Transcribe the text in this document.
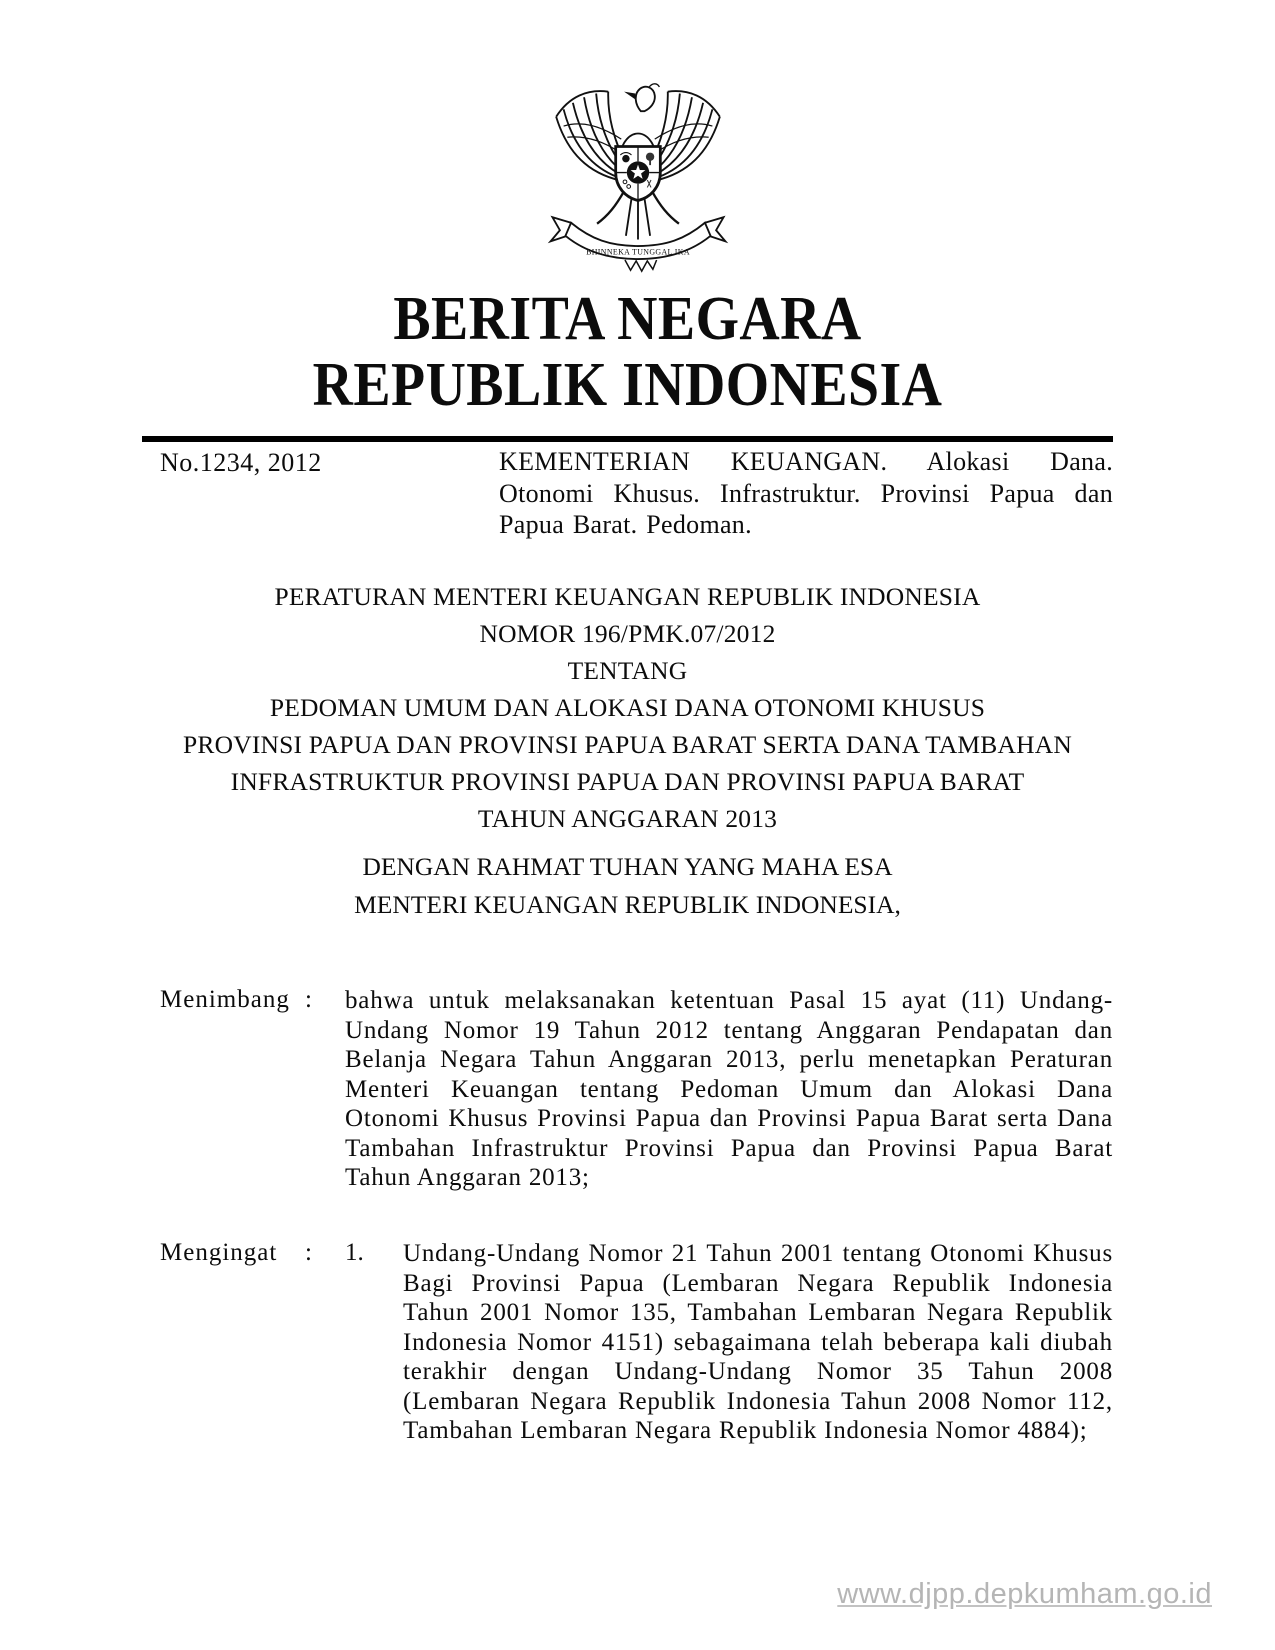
BHINNEKA TUNGGAL IKA
BERITA NEGARA
REPUBLIK INDONESIA
No.1234, 2012	KEMENTERIAN KEUANGAN. Alokasi Dana. Otonomi Khusus. Infrastruktur. Provinsi Papua dan Papua Barat. Pedoman.
PERATURAN MENTERI KEUANGAN REPUBLIK INDONESIA
NOMOR 196/PMK.07/2012
TENTANG
PEDOMAN UMUM DAN ALOKASI DANA OTONOMI KHUSUS
PROVINSI PAPUA DAN PROVINSI PAPUA BARAT SERTA DANA TAMBAHAN
INFRASTRUKTUR PROVINSI PAPUA DAN PROVINSI PAPUA BARAT
TAHUN ANGGARAN 2013
DENGAN RAHMAT TUHAN YANG MAHA ESA
MENTERI KEUANGAN REPUBLIK INDONESIA,
Menimbang : bahwa untuk melaksanakan ketentuan Pasal 15 ayat (11) Undang-Undang Nomor 19 Tahun 2012 tentang Anggaran Pendapatan dan Belanja Negara Tahun Anggaran 2013, perlu menetapkan Peraturan Menteri Keuangan tentang Pedoman Umum dan Alokasi Dana Otonomi Khusus Provinsi Papua dan Provinsi Papua Barat serta Dana Tambahan Infrastruktur Provinsi Papua dan Provinsi Papua Barat Tahun Anggaran 2013;
Mengingat : 1. Undang-Undang Nomor 21 Tahun 2001 tentang Otonomi Khusus Bagi Provinsi Papua (Lembaran Negara Republik Indonesia Tahun 2001 Nomor 135, Tambahan Lembaran Negara Republik Indonesia Nomor 4151) sebagaimana telah beberapa kali diubah terakhir dengan Undang-Undang Nomor 35 Tahun 2008 (Lembaran Negara Republik Indonesia Tahun 2008 Nomor 112, Tambahan Lembaran Negara Republik Indonesia Nomor 4884);
www.djpp.depkumham.go.id
